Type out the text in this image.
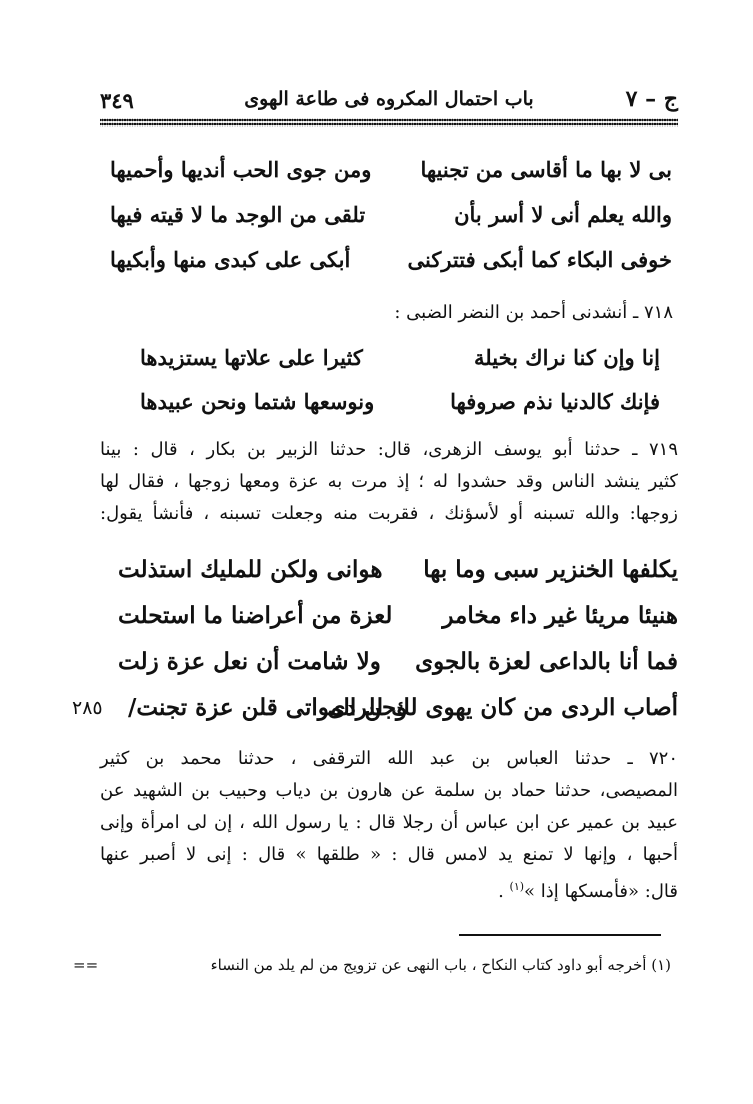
ج – ٧
باب احتمال المكروه فى طاعة الهوى
٣٤٩
بى لا بها ما أقاسى من تجنيها
ومن جوى الحب أنديها وأحميها
والله يعلم أنى لا أسر بأن
تلقى من الوجد ما لا قيته فيها
خوفى البكاء كما أبكى فتتركنى
أبكى على كبدى منها وأبكيها
٧١٨ ـ أنشدنى أحمد بن النضر الضبى :
إنا وإن كنا نراك بخيلة
كثيرا على علاتها يستزيدها
فإنك كالدنيا نذم صروفها
ونوسعها شتما ونحن عبيدها
٧١٩ ـ حدثنا أبو يوسف الزهرى، قال: حدثنا الزبير بن بكار ، قال : بينا
كثير ينشد الناس وقد حشدوا له ؛ إذ مرت به عزة ومعها زوجها ، فقال لها
زوجها: والله تسبنه أو لأسؤنك ، فقربت منه وجعلت تسبنه ، فأنشأ يقول:
يكلفها الخنزير سبى وما بها
هوانى ولكن للمليك استذلت
هنيئا مريئا غير داء مخامر
لعزة من أعراضنا ما استحلت
فما أنا بالداعى لعزة بالجوى
ولا شامت أن نعل عزة زلت
أصاب الردى من كان يهوى لك للردى
وجن المواتى قلن عزة تجنت/
٢٨٥
٧٢٠ ـ حدثنا العباس بن عبد الله الترقفى ، حدثنا محمد بن كثير
المصيصى، حدثنا حماد بن سلمة عن هارون بن دياب وحبيب بن الشهيد عن
عبيد بن عمير عن ابن عباس أن رجلا قال : يا رسول الله ، إن لى امرأة وإنى
أحبها ، وإنها لا تمنع يد لامس قال : « طلقها » قال : إنى لا أصبر عنها
قال: «فأمسكها إذا »$^{(١)}$ .
(١) أخرجه أبو داود كتاب النكاح ، باب النهى عن تزويج من لم يلد من النساء
==
